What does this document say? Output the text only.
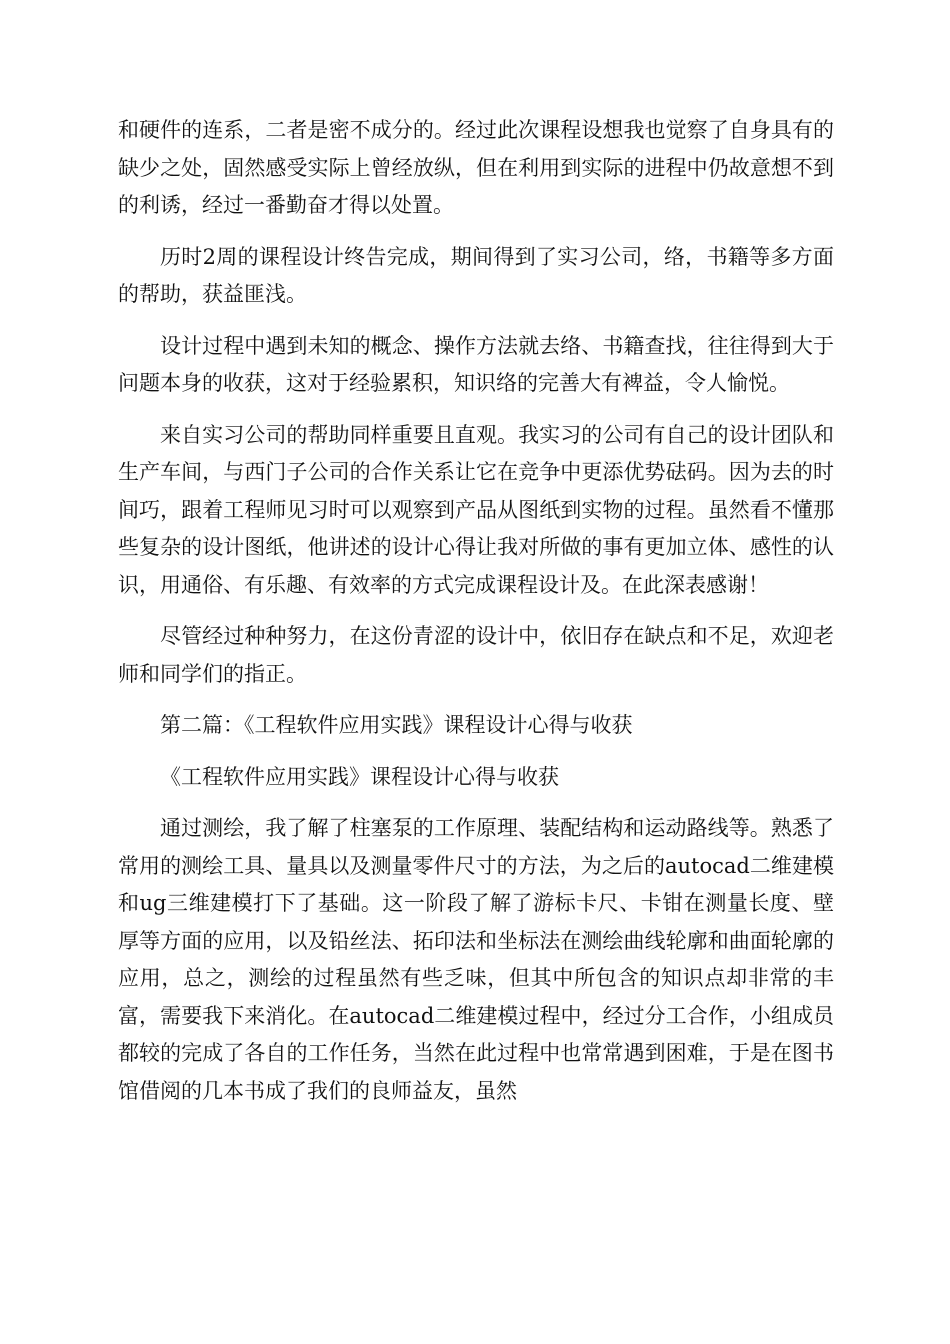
和硬件的连系，二者是密不成分的。经过此次课程设想我也觉察了自身具有的缺少之处，固然感受实际上曾经放纵，但在利用到实际的进程中仍故意想不到的利诱，经过一番勤奋才得以处置。

历时2周的课程设计终告完成，期间得到了实习公司，络，书籍等多方面的帮助，获益匪浅。

设计过程中遇到未知的概念、操作方法就去络、书籍查找，往往得到大于问题本身的收获，这对于经验累积，知识络的完善大有裨益，令人愉悦。

来自实习公司的帮助同样重要且直观。我实习的公司有自己的设计团队和生产车间，与西门子公司的合作关系让它在竞争中更添优势砝码。因为去的时间巧，跟着工程师见习时可以观察到产品从图纸到实物的过程。虽然看不懂那些复杂的设计图纸，他讲述的设计心得让我对所做的事有更加立体、感性的认识，用通俗、有乐趣、有效率的方式完成课程设计及。在此深表感谢！

尽管经过种种努力，在这份青涩的设计中，依旧存在缺点和不足，欢迎老师和同学们的指正。

第二篇：《工程软件应用实践》课程设计心得与收获

《工程软件应用实践》课程设计心得与收获

通过测绘，我了解了柱塞泵的工作原理、装配结构和运动路线等。熟悉了常用的测绘工具、量具以及测量零件尺寸的方法，为之后的autocad二维建模和ug三维建模打下了基础。这一阶段了解了游标卡尺、卡钳在测量长度、壁厚等方面的应用，以及铅丝法、拓印法和坐标法在测绘曲线轮廓和曲面轮廓的应用，总之，测绘的过程虽然有些乏味，但其中所包含的知识点却非常的丰富，需要我下来消化。在autocad二维建模过程中，经过分工合作，小组成员都较的完成了各自的工作任务，当然在此过程中也常常遇到困难，于是在图书馆借阅的几本书成了我们的良师益友，虽然
